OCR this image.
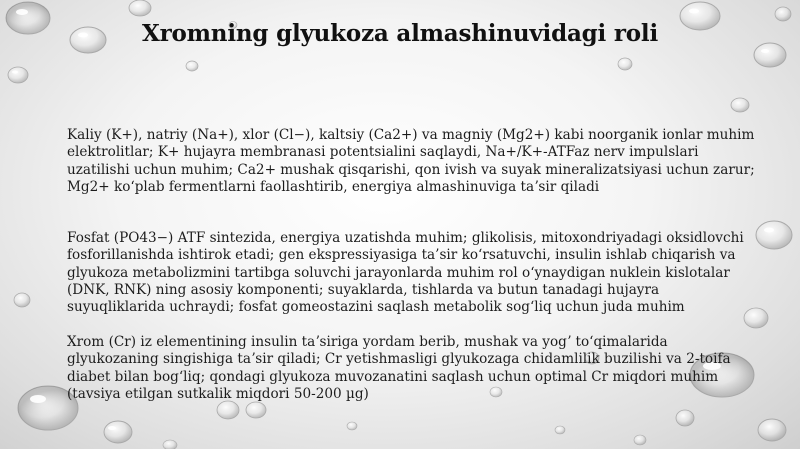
Xromning glyukoza almashinuvidagi roli

Kaliy (K+), natriy (Na+), xlor (Cl−), kaltsiy (Ca2+) va magniy (Mg2+) kabi noorganik ionlar muhim elektrolitlar; K+ hujayra membranasi potentsialini saqlaydi, Na+/K+-ATFaz nerv impulslari uzatilishi uchun muhim; Ca2+ mushak qisqarishi, qon ivish va suyak mineralizatsiyasi uchun zarur; Mg2+ koʻplab fermentlarni faollashtirib, energiya almashinuviga taʼsir qiladi

Fosfat (PO43−) ATF sintezida, energiya uzatishda muhim; glikolisis, mitoxondriyadagi oksidlovchi fosforillanishda ishtirok etadi; gen ekspressiyasiga ta’sir ko‘rsatuvchi, insulin ishlab chiqarish va glyukoza metabolizmini tartibga soluvchi jarayonlarda muhim rol oʻynaydigan nuklein kislotalar (DNK, RNK) ning asosiy komponenti; suyaklarda, tishlarda va butun tanadagi hujayra suyuqliklarida uchraydi; fosfat gomeostazini saqlash metabolik sogʻliq uchun juda muhim

Xrom (Cr) iz elementining insulin taʼsiriga yordam berib, mushak va yogʼ toʻqimalarida glyukozaning singishiga taʼsir qiladi; Cr yetishmasligi glyukozaga chidamlilik buzilishi va 2-toifa diabet bilan bogʻliq; qondagi glyukoza muvozanatini saqlash uchun optimal Cr miqdori muhim (tavsiya etilgan sutkalik miqdori 50-200 µg)
